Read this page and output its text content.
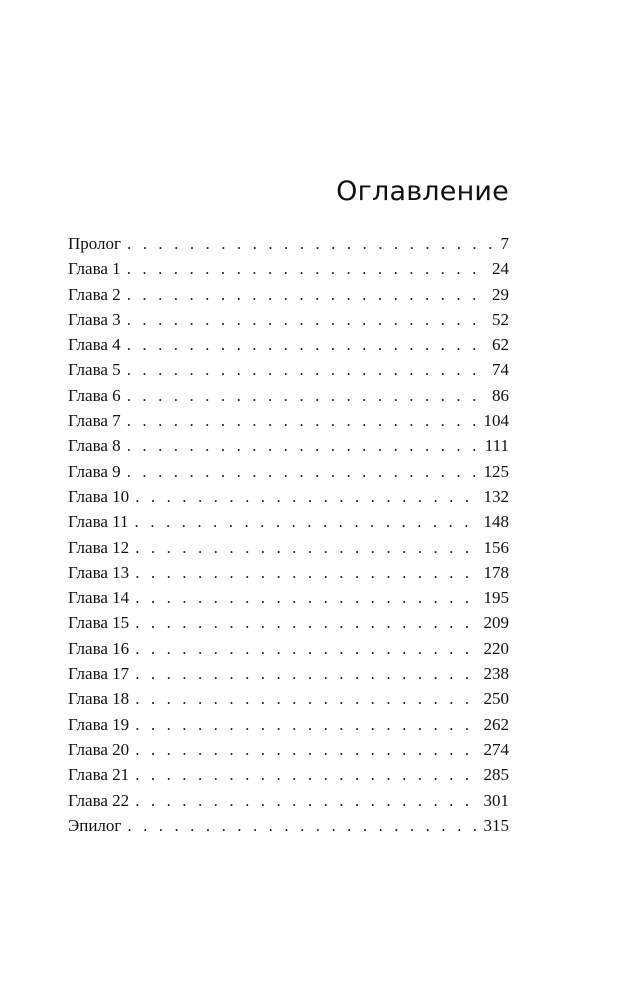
Оглавление
Пролог . . .	7
Глава 1 . . .	24
Глава 2 . . .	29
Глава 3 . . .	52
Глава 4 . . .	62
Глава 5 . . .	74
Глава 6 . . .	86
Глава 7 . . .	104
Глава 8 . . .	111
Глава 9 . . .	125
Глава 10 . . .	132
Глава 11 . . .	148
Глава 12 . . .	156
Глава 13 . . .	178
Глава 14 . . .	195
Глава 15 . . .	209
Глава 16 . . .	220
Глава 17 . . .	238
Глава 18 . . .	250
Глава 19 . . .	262
Глава 20 . . .	274
Глава 21 . . .	285
Глава 22 . . .	301
Эпилог . . .	315
